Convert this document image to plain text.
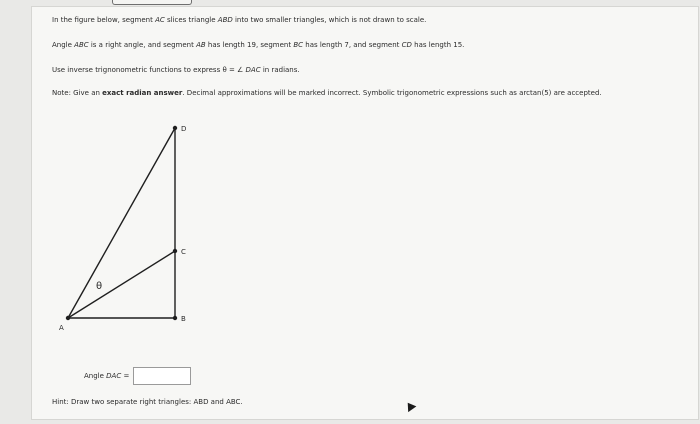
In the figure below, segment AC slices triangle ABD into two smaller triangles, which is not drawn to scale.
Angle ABC is a right angle, and segment AB has length 19, segment BC has length 7, and segment CD has length 15.
Use inverse trignonometric functions to express θ = ∠ DAC in radians.
Note: Give an exact radian answer. Decimal approximations will be marked incorrect. Symbolic trigonometric expressions such as arctan(5) are accepted.
D
C
B
A
θ
Angle DAC =
Hint: Draw two separate right triangles: ABD and ABC.
